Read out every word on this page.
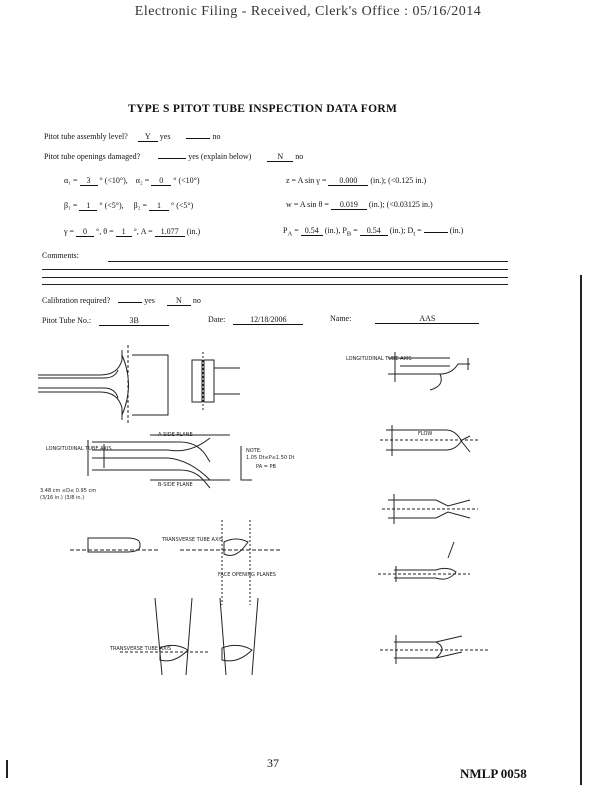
Electronic Filing - Received, Clerk's Office : 05/16/2014
TYPE S PITOT TUBE INSPECTION DATA FORM
Pitot tube assembly level? Y yes	no
Pitot tube openings damaged?	yes (explain below)	N no
α₁ = 3 ° (<10°), α₂ = 0 ° (<10°)	z = A sin γ = 0.000 (in.); (<0.125 in.)
β₁ = 1 ° (<5°), β₂ = 1 ° (<5°)	w = A sin θ = 0.019 (in.); (<0.03125 in.)
γ = 0 °, θ = 1 °, A = 1.077 (in.)	$P_A = 0.54$ (in.), $P_B = 0.54$ (in.); $D_t$ =	(in.)
Comments:
Calibration required?	yes	N no
Pitot Tube No.:	3B	Date:	12/18/2006	Name:	AAS
LONGITUDINAL TUBE AXIS
A-SIDE PLANE
B-SIDE PLANE
NOTE:
1.05 Dt≤P≤1.50 Dt
PA = PB
3.48 cm ≤D≤ 0.95 cm
(3/16 in.) (3/8 in.)
TRANSVERSE TUBE AXIS
FACE OPENING PLANES
TRANSVERSE TUBE AXIS
LONGITUDINAL TUBE AXIS
FLOW
37
NMLP 0058
